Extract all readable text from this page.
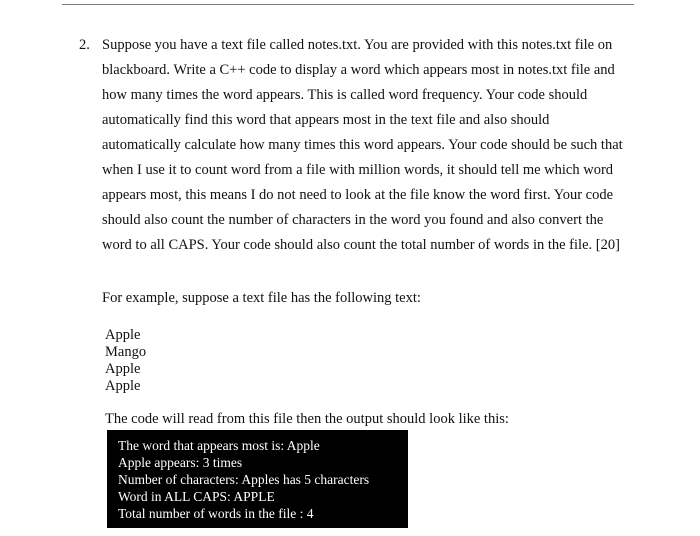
2. Suppose you have a text file called notes.txt. You are provided with this notes.txt file on
blackboard. Write a C++ code to display a word which appears most in notes.txt file and
how many times the word appears. This is called word frequency. Your code should
automatically find this word that appears most in the text file and also should
automatically calculate how many times this word appears. Your code should be such that
when I use it to count word from a file with million words, it should tell me which word
appears most, this means I do not need to look at the file know the word first. Your code
should also count the number of characters in the word you found and also convert the
word to all CAPS. Your code should also count the total number of words in the file. [20]
For example, suppose a text file has the following text:
Apple
Mango
Apple
Apple
The code will read from this file then the output should look like this:
The word that appears most is: Apple
Apple appears: 3 times
Number of characters: Apples has 5 characters
Word in ALL CAPS: APPLE
Total number of words in the file : 4
